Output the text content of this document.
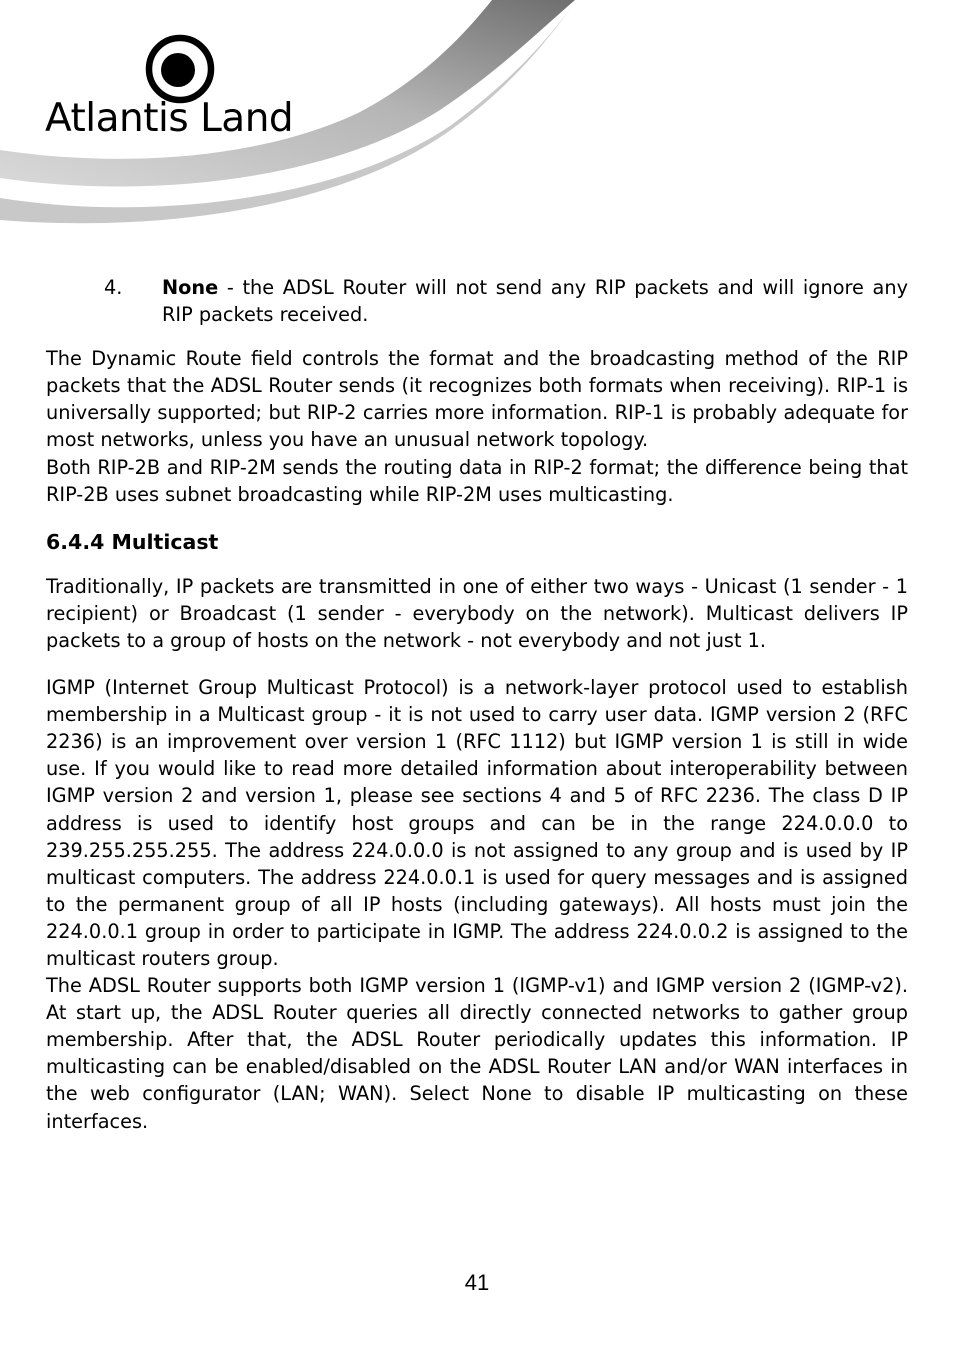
Atlantis Land
4. None - the ADSL Router will not send any RIP packets and will ignore any RIP packets received.

The Dynamic Route field controls the format and the broadcasting method of the RIP packets that the ADSL Router sends (it recognizes both formats when receiving). RIP-1 is universally supported; but RIP-2 carries more information. RIP-1 is probably adequate for most networks, unless you have an unusual network topology.

Both RIP-2B and RIP-2M sends the routing data in RIP-2 format; the difference being that RIP-2B uses subnet broadcasting while RIP-2M uses multicasting.

6.4.4 Multicast

Traditionally, IP packets are transmitted in one of either two ways - Unicast (1 sender - 1 recipient) or Broadcast (1 sender - everybody on the network). Multicast delivers IP packets to a group of hosts on the network - not everybody and not just 1.

IGMP (Internet Group Multicast Protocol) is a network-layer protocol used to establish membership in a Multicast group - it is not used to carry user data. IGMP version 2 (RFC 2236) is an improvement over version 1 (RFC 1112) but IGMP version 1 is still in wide use. If you would like to read more detailed information about interoperability between IGMP version 2 and version 1, please see sections 4 and 5 of RFC 2236. The class D IP address is used to identify host groups and can be in the range 224.0.0.0 to 239.255.255.255. The address 224.0.0.0 is not assigned to any group and is used by IP multicast computers. The address 224.0.0.1 is used for query messages and is assigned to the permanent group of all IP hosts (including gateways). All hosts must join the 224.0.0.1 group in order to participate in IGMP. The address 224.0.0.2 is assigned to the multicast routers group.

The ADSL Router supports both IGMP version 1 (IGMP-v1) and IGMP version 2 (IGMP-v2). At start up, the ADSL Router queries all directly connected networks to gather group membership. After that, the ADSL Router periodically updates this information. IP multicasting can be enabled/disabled on the ADSL Router LAN and/or WAN interfaces in the web configurator (LAN; WAN). Select None to disable IP multicasting on these interfaces.

41
